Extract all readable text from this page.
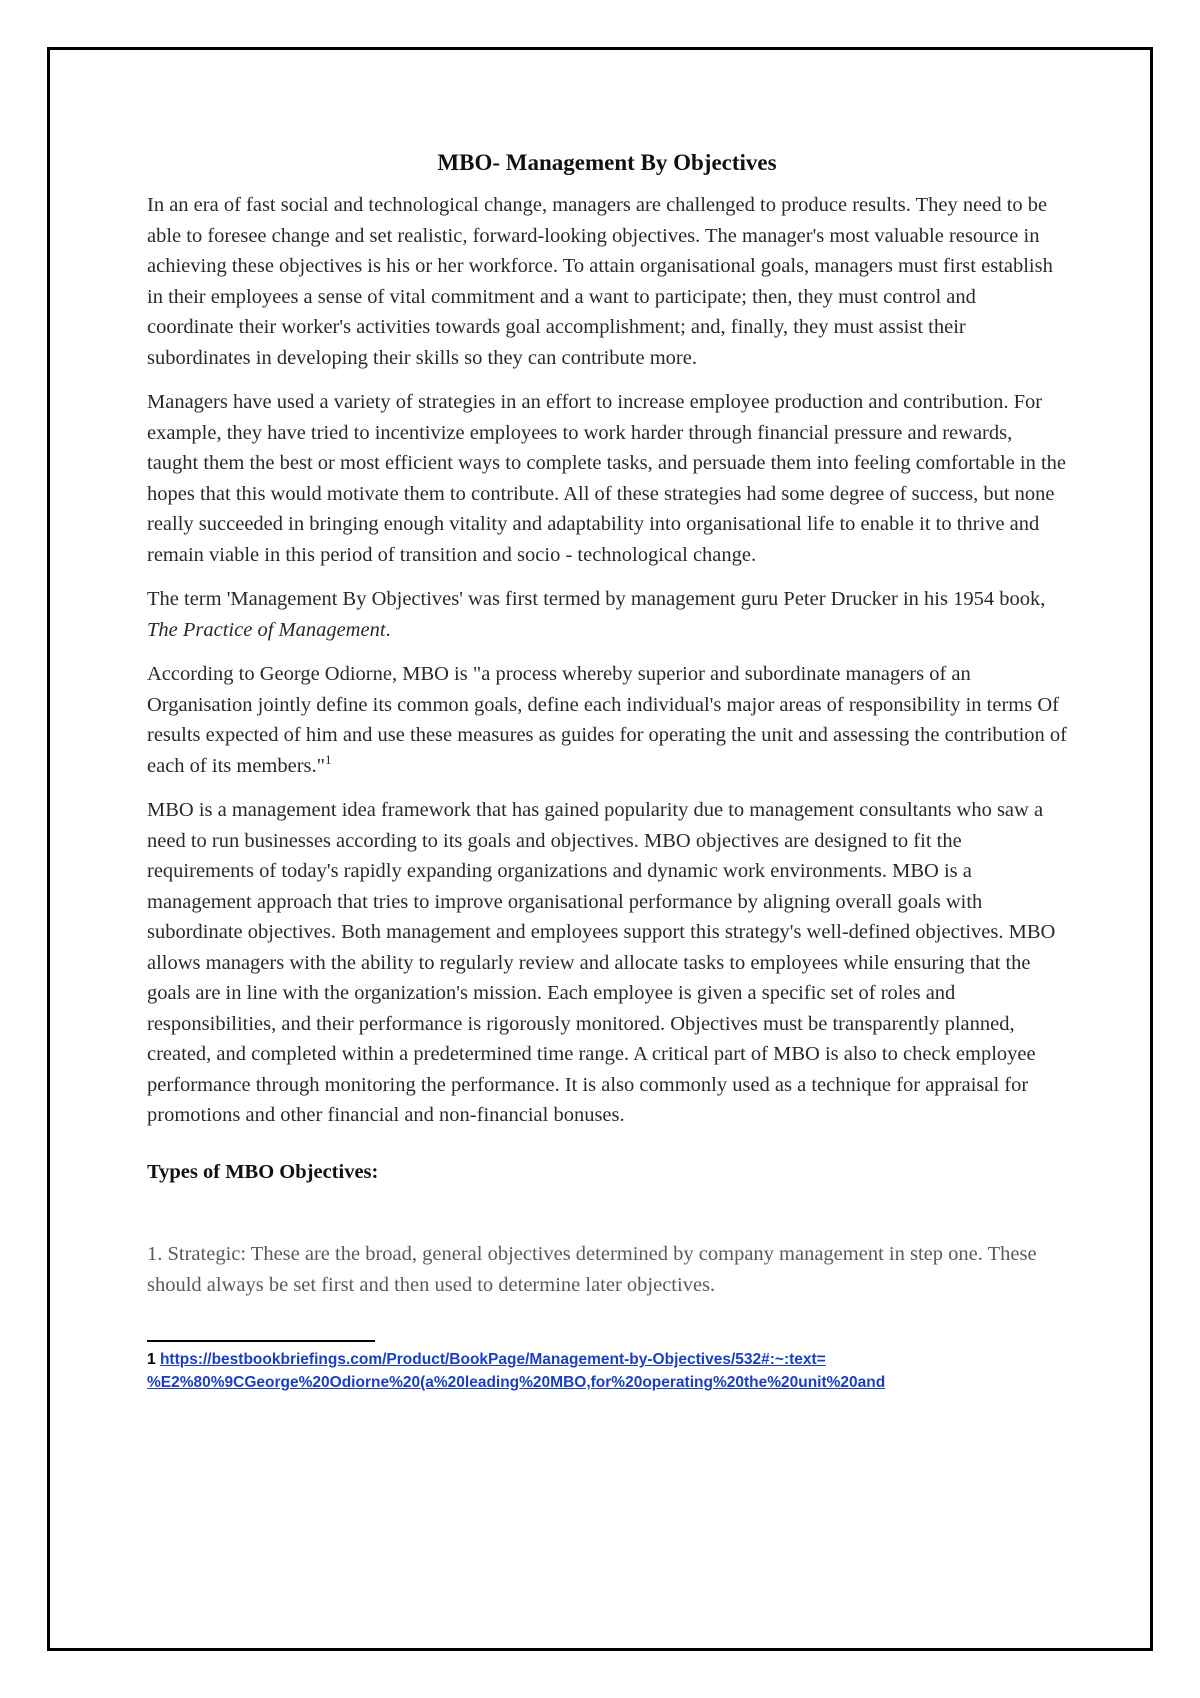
MBO- Management By Objectives

In an era of fast social and technological change, managers are challenged to produce results. They need to be able to foresee change and set realistic, forward-looking objectives. The manager's most valuable resource in achieving these objectives is his or her workforce. To attain organisational goals, managers must first establish in their employees a sense of vital commitment and a want to participate; then, they must control and coordinate their worker's activities towards goal accomplishment; and, finally, they must assist their subordinates in developing their skills so they can contribute more.

Managers have used a variety of strategies in an effort to increase employee production and contribution. For example, they have tried to incentivize employees to work harder through financial pressure and rewards, taught them the best or most efficient ways to complete tasks, and persuade them into feeling comfortable in the hopes that this would motivate them to contribute. All of these strategies had some degree of success, but none really succeeded in bringing enough vitality and adaptability into organisational life to enable it to thrive and remain viable in this period of transition and socio - technological change.

The term 'Management By Objectives' was first termed by management guru Peter Drucker in his 1954 book, The Practice of Management.

According to George Odiorne, MBO is "a process whereby superior and subordinate managers of an Organisation jointly define its common goals, define each individual's major areas of responsibility in terms Of results expected of him and use these measures as guides for operating the unit and assessing the contribution of each of its members."$^1$

MBO is a management idea framework that has gained popularity due to management consultants who saw a need to run businesses according to its goals and objectives. MBO objectives are designed to fit the requirements of today's rapidly expanding organizations and dynamic work environments. MBO is a management approach that tries to improve organisational performance by aligning overall goals with subordinate objectives. Both management and employees support this strategy's well-defined objectives. MBO allows managers with the ability to regularly review and allocate tasks to employees while ensuring that the goals are in line with the organization's mission. Each employee is given a specific set of roles and responsibilities, and their performance is rigorously monitored. Objectives must be transparently planned, created, and completed within a predetermined time range. A critical part of MBO is also to check employee performance through monitoring the performance. It is also commonly used as a technique for appraisal for promotions and other financial and non-financial bonuses.

Types of MBO Objectives:

1. Strategic: These are the broad, general objectives determined by company management in step one. These should always be set first and then used to determine later objectives.

1 https://bestbookbriefings.com/Product/BookPage/Management-by-Objectives/532#:~:text=
%E2%80%9CGeorge%20Odiorne%20(a%20leading%20MBO,for%20operating%20the%20unit%20and
